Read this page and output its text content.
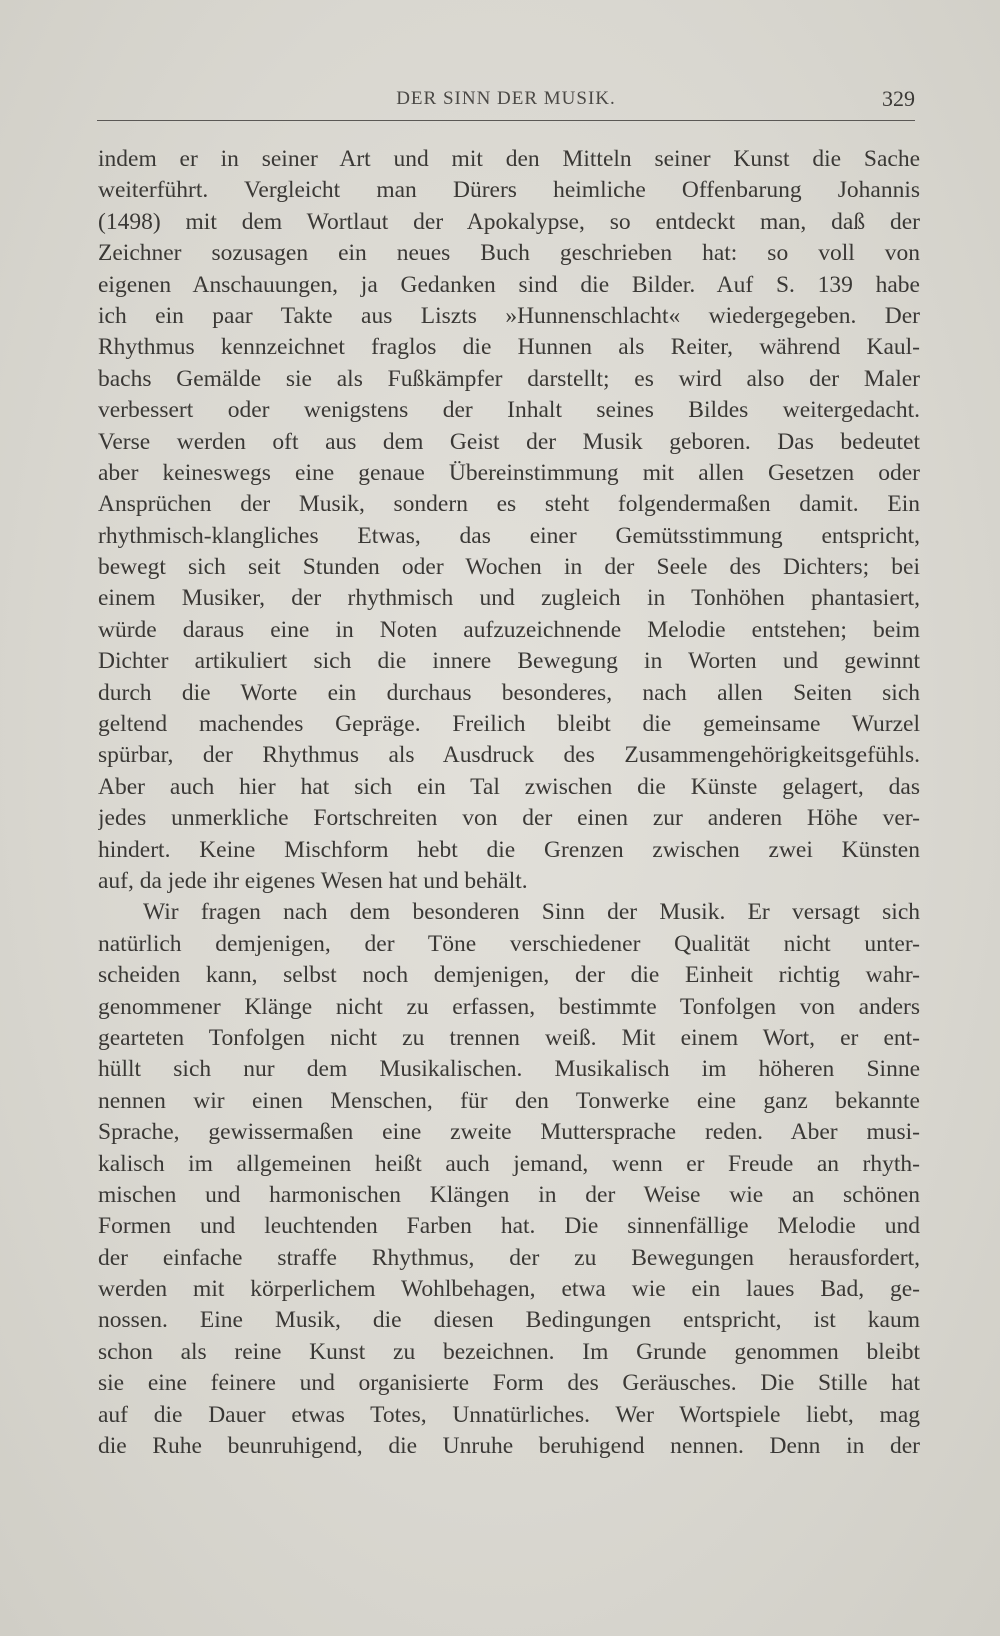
DER SINN DER MUSIK.	329
indem er in seiner Art und mit den Mitteln seiner Kunst die Sache
weiterführt. Vergleicht man Dürers heimliche Offenbarung Johannis
(1498) mit dem Wortlaut der Apokalypse, so entdeckt man, daß der
Zeichner sozusagen ein neues Buch geschrieben hat: so voll von
eigenen Anschauungen, ja Gedanken sind die Bilder. Auf S. 139 habe
ich ein paar Takte aus Liszts »Hunnenschlacht« wiedergegeben. Der
Rhythmus kennzeichnet fraglos die Hunnen als Reiter, während Kaul-
bachs Gemälde sie als Fußkämpfer darstellt; es wird also der Maler
verbessert oder wenigstens der Inhalt seines Bildes weitergedacht.
Verse werden oft aus dem Geist der Musik geboren. Das bedeutet
aber keineswegs eine genaue Übereinstimmung mit allen Gesetzen oder
Ansprüchen der Musik, sondern es steht folgendermaßen damit. Ein
rhythmisch-klangliches Etwas, das einer Gemütsstimmung entspricht,
bewegt sich seit Stunden oder Wochen in der Seele des Dichters; bei
einem Musiker, der rhythmisch und zugleich in Tonhöhen phantasiert,
würde daraus eine in Noten aufzuzeichnende Melodie entstehen; beim
Dichter artikuliert sich die innere Bewegung in Worten und gewinnt
durch die Worte ein durchaus besonderes, nach allen Seiten sich
geltend machendes Gepräge. Freilich bleibt die gemeinsame Wurzel
spürbar, der Rhythmus als Ausdruck des Zusammengehörigkeitsgefühls.
Aber auch hier hat sich ein Tal zwischen die Künste gelagert, das
jedes unmerkliche Fortschreiten von der einen zur anderen Höhe ver-
hindert. Keine Mischform hebt die Grenzen zwischen zwei Künsten
auf, da jede ihr eigenes Wesen hat und behält.
Wir fragen nach dem besonderen Sinn der Musik. Er versagt sich
natürlich demjenigen, der Töne verschiedener Qualität nicht unter-
scheiden kann, selbst noch demjenigen, der die Einheit richtig wahr-
genommener Klänge nicht zu erfassen, bestimmte Tonfolgen von anders
gearteten Tonfolgen nicht zu trennen weiß. Mit einem Wort, er ent-
hüllt sich nur dem Musikalischen. Musikalisch im höheren Sinne
nennen wir einen Menschen, für den Tonwerke eine ganz bekannte
Sprache, gewissermaßen eine zweite Muttersprache reden. Aber musi-
kalisch im allgemeinen heißt auch jemand, wenn er Freude an rhyth-
mischen und harmonischen Klängen in der Weise wie an schönen
Formen und leuchtenden Farben hat. Die sinnenfällige Melodie und
der einfache straffe Rhythmus, der zu Bewegungen herausfordert,
werden mit körperlichem Wohlbehagen, etwa wie ein laues Bad, ge-
nossen. Eine Musik, die diesen Bedingungen entspricht, ist kaum
schon als reine Kunst zu bezeichnen. Im Grunde genommen bleibt
sie eine feinere und organisierte Form des Geräusches. Die Stille hat
auf die Dauer etwas Totes, Unnatürliches. Wer Wortspiele liebt, mag
die Ruhe beunruhigend, die Unruhe beruhigend nennen. Denn in der
